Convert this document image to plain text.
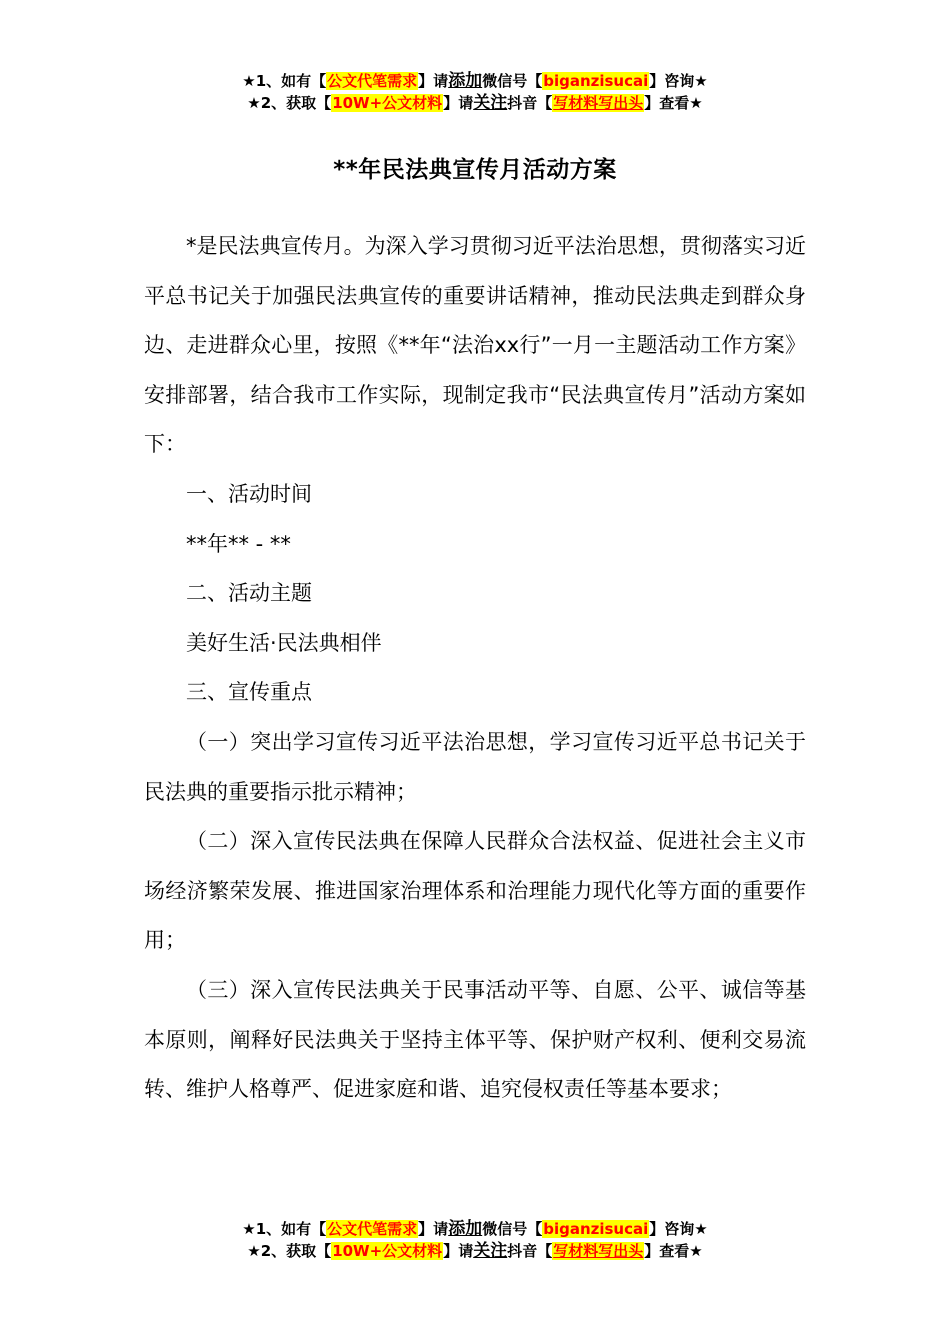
★1、如有【公文代笔需求】请添加微信号【biganzisucai】咨询★
★2、获取【10W+公文材料】请关注抖音【写材料写出头】查看★
**年民法典宣传月活动方案

*是民法典宣传月。为深入学习贯彻习近平法治思想，贯彻落实习近平总书记关于加强民法典宣传的重要讲话精神，推动民法典走到群众身边、走进群众心里，按照《**年“法治xx行”一月一主题活动工作方案》安排部署，结合我市工作实际，现制定我市“民法典宣传月”活动方案如下：

一、活动时间

**年** - **

二、活动主题

美好生活·民法典相伴

三、宣传重点

（一）突出学习宣传习近平法治思想，学习宣传习近平总书记关于民法典的重要指示批示精神；

（二）深入宣传民法典在保障人民群众合法权益、促进社会主义市场经济繁荣发展、推进国家治理体系和治理能力现代化等方面的重要作用；

（三）深入宣传民法典关于民事活动平等、自愿、公平、诚信等基本原则，阐释好民法典关于坚持主体平等、保护财产权利、便利交易流转、维护人格尊严、促进家庭和谐、追究侵权责任等基本要求；

★1、如有【公文代笔需求】请添加微信号【biganzisucai】咨询★
★2、获取【10W+公文材料】请关注抖音【写材料写出头】查看★
